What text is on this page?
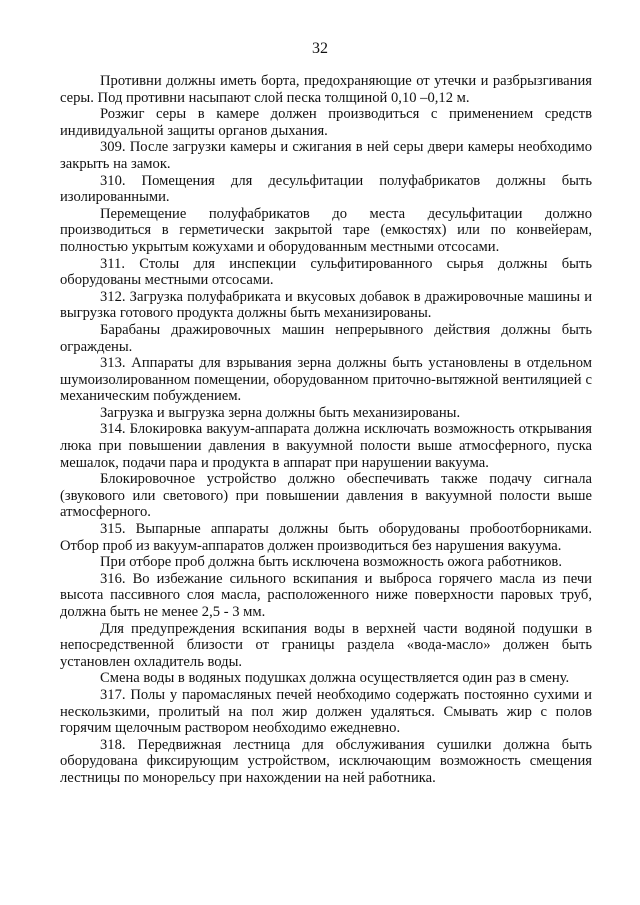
32

Противни должны иметь борта, предохраняющие от утечки и разбрызгивания серы. Под противни насыпают слой песка толщиной 0,10 –0,12 м.

Розжиг серы в камере должен производиться с применением средств индивидуальной защиты органов дыхания.

309. После загрузки камеры и сжигания в ней серы двери камеры необходимо закрыть на замок.

310. Помещения для десульфитации полуфабрикатов должны быть изолированными.

Перемещение полуфабрикатов до места десульфитации должно производиться в герметически закрытой таре (емкостях) или по конвейерам, полностью укрытым кожухами и оборудованным местными отсосами.

311. Столы для инспекции сульфитированного сырья должны быть оборудованы местными отсосами.

312. Загрузка полуфабриката и вкусовых добавок в дражировочные машины и выгрузка готового продукта должны быть механизированы.

Барабаны дражировочных машин непрерывного действия должны быть ограждены.

313. Аппараты для взрывания зерна должны быть установлены в отдельном шумоизолированном помещении, оборудованном приточно-вытяжной вентиляцией с механическим побуждением.

Загрузка и выгрузка зерна должны быть механизированы.

314. Блокировка вакуум-аппарата должна исключать возможность открывания люка при повышении давления в вакуумной полости выше атмосферного, пуска мешалок, подачи пара и продукта в аппарат при нарушении вакуума.

Блокировочное устройство должно обеспечивать также подачу сигнала (звукового или светового) при повышении давления в вакуумной полости выше атмосферного.

315. Выпарные аппараты должны быть оборудованы пробоотборниками. Отбор проб из вакуум-аппаратов должен производиться без нарушения вакуума.

При отборе проб должна быть исключена возможность ожога работников.

316. Во избежание сильного вскипания и выброса горячего масла из печи высота пассивного слоя масла, расположенного ниже поверхности паровых труб, должна быть не менее 2,5 - 3 мм.

Для предупреждения вскипания воды в верхней части водяной подушки в непосредственной близости от границы раздела «вода-масло» должен быть установлен охладитель воды.

Смена воды в водяных подушках должна осуществляется один раз в смену.

317. Полы у паромасляных печей необходимо содержать постоянно сухими и нескользкими, пролитый на пол жир должен удаляться. Смывать жир с полов горячим щелочным раствором необходимо ежедневно.

318. Передвижная лестница для обслуживания сушилки должна быть оборудована фиксирующим устройством, исключающим возможность смещения лестницы по монорельсу при нахождении на ней работника.
